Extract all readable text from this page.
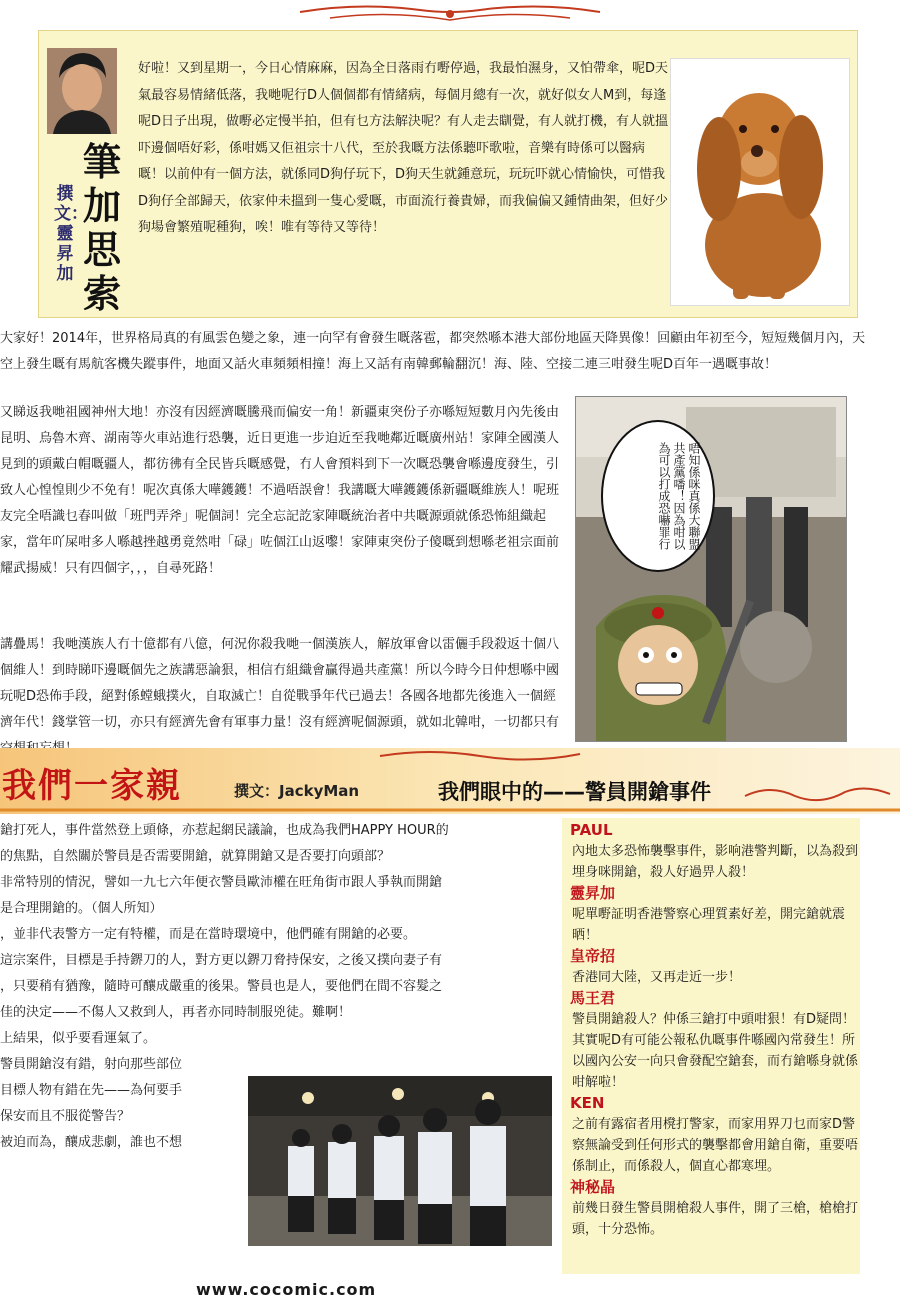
筆加思索
撰文：靈昇加
好啦！又到星期一，今日心情麻麻，因為全日落雨冇嘢停過，我最怕濕身，又怕帶傘，呢D天氣最容易情緒低落，我哋呢行D人個個都有情緒病，每個月總有一次，就好似女人M到，每逢呢D日子出現，做嘢必定慢半拍，但有乜方法解決呢？有人走去瞓覺，有人就打機，有人就搵吓邊個唔好彩，係咁媽又佢祖宗十八代，至於我嘅方法係聽吓歌啦，音樂有時係可以醫病嘅！以前仲有一個方法，就係同D狗仔玩下，D狗天生就鍾意玩，玩玩吓就心情愉快，可惜我D狗仔全部歸天，依家仲未搵到一隻心愛嘅，市面流行養貴婦，而我偏偏又鍾情曲架，但好少狗場會繁殖呢種狗，唉！唯有等待又等待！
大家好！2014年，世界格局真的有風雲色變之象，連一向罕有會發生嘅落雹，都突然喺本港大部份地區天降異像！回顧由年初至今，短短幾個月內，天空上發生嘅有馬航客機失蹤事件，地面又話火車頻頻相撞！海上又話有南韓郵輪翻沉！海、陸、空接二連三咁發生呢D百年一遇嘅事故！
又睇返我哋祖國神州大地！亦沒有因經濟嘅騰飛而偏安一角！新疆東突份子亦喺短短數月內先後由昆明、烏魯木齊、湖南等火車站進行恐襲，近日更進一步迫近至我哋鄰近嘅廣州站！家陣全國漢人見到的頭戴白帽嘅疆人，都彷彿有全民皆兵嘅感覺，冇人會預料到下一次嘅恐襲會喺邊度發生，引致人心惶惶則少不免有！呢次真係大嘩鑊鑊！不過唔誤會！我講嘅大嘩鑊鑊係新疆嘅維族人！呢班友完全唔識乜春叫做「班門弄斧」呢個詞！完全忘記訖家陣嘅統治者中共嘅源頭就係恐怖組織起家，當年吖屎咁多人喺越挫越勇竟然咁「碌」咗個江山返嚟！家陣東突份子傻嘅到想喺老祖宗面前耀武揚威！只有四個字，，，自尋死路！
講疊馬！我哋漢族人冇十億都有八億，何況你殺我哋一個漢族人，解放軍會以雷儷手段殺返十個八個維人！到時睇吓邊嘅個先之族講惡論狠，相信冇組織會贏得過共產黨！所以今時今日仲想喺中國玩呢D恐佈手段，絕對係螳蛾撲火，自取滅亡！自從戰爭年代已過去！各國各地都先後進入一個經濟年代！錢掌管一切，亦只有經濟先會有軍事力量！沒有經濟呢個源頭，就如北韓咁，一切都只有
唔知係咪真係大聯盟共產黨噃！因為咁以為可以打成恐嚇罪行
我們一家親	撰文：JackyMan	我們眼中的——警員開鎗事件
鎗打死人，事件當然登上頭條，亦惹起網民議論，也成為我們HAPPY HOUR的
的焦點，自然關於警員是否需要開鎗，就算開鎗又是否要打向頭部？
非常特別的情況，譬如一九七六年便衣警員歐沛權在旺角街市跟人爭執而開鎗
是合理開鎗的。（個人所知）
，並非代表警方一定有特權，而是在當時環境中，他們確有開鎗的必要。
這宗案件，目標是手持鎅刀的人，對方更以鎅刀脅持保安，之後又撲向妻子有
，只要稍有猶豫，隨時可釀成嚴重的後果。警員也是人，要他們在間不容髮之
佳的決定——不傷人又救到人，再者亦同時制服兇徒。難啊！
上結果，似乎要看運氣了。
警員開鎗沒有錯，射向那些部位
目標人物有錯在先——為何要手
保安而且不服從警告？
被迫而為，釀成悲劇，誰也不想
PAUL
內地太多恐怖襲擊事件，影响港警判斷，以為殺到埋身咪開鎗，殺人好過畀人殺！
靈昇加
呢單嘢証明香港警察心理質素好差，開完鎗就震晒！
皇帝招
香港同大陸，又再走近一步！
馬王君
警員開鎗殺人？仲係三鎗打中頭咁狠！有D疑問！其實呢D有可能公報私仇嘅事件喺國內常發生！所以國內公安一向只會發配空鎗套，而冇鎗喺身就係咁解啦！
KEN
之前有露宿者用櫈打警家，而家用界刀乜而家D警察無論受到任何形式的襲擊都會用鎗自衛，重要唔係制止，而係殺人，個直心都寒埋。
神秘晶
前幾日發生警員開槍殺人事件，開了三槍，槍槍打頭，十分恐怖。
www.cocomic.com
